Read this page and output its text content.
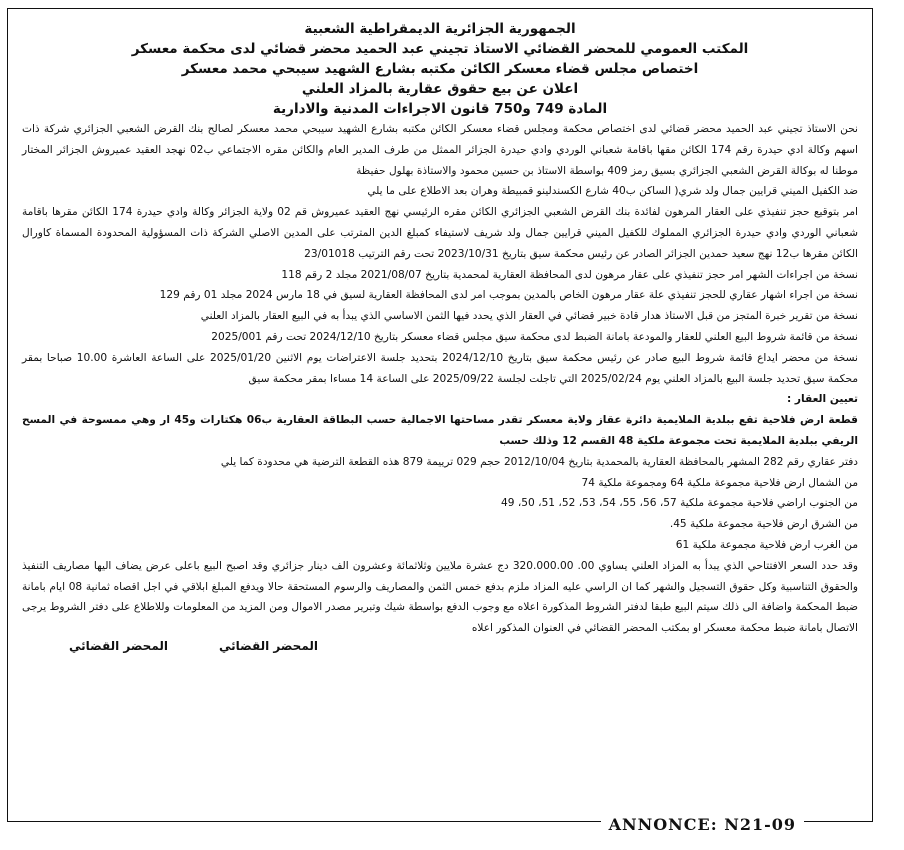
الجمهورية الجزائرية الديمقراطية الشعبية
المكتب العمومي للمحضر القضائي الاستاذ تجيني عبد الحميد محضر قضائي لدى محكمة معسكر
اختصاص مجلس قضاء معسكر الكائن مكتبه بشارع الشهيد سيبحي محمد معسكر
اعلان عن بيع حقوق عقارية بالمزاد العلني
المادة 749 و750 قانون الاجراءات المدنية والادارية

نحن الاستاذ تجيني عبد الحميد محضر قضائي لدى اختصاص محكمة ومجلس قضاء معسكر الكائن مكتبه بشارع الشهيد سيبحي محمد معسكر لصالح بنك القرض الشعبي الجزائري شركة ذات اسهم وكالة ادي حيدرة رقم 174 الكائن مقها باقامة شعباني الوردي وادي حيدرة الجزائر الممثل من طرف المدير العام والكائن مقره الاجتماعي ب02 نهجد العقيد عميروش الجزائر المختار موطنا له بوكالة القرض الشعبي الجزائري بسيق رمز 409 بواسطة الاستاذ بن حسين محمود والاستاذة بهلول حفيظة

ضد الكفيل الميني قرايين جمال ولد شري( الساكن ب40 شارع الكسندلينو قمبيطة وهران بعد الاطلاع على ما يلي

امر بتوقيع حجز تنفيذي على العقار المرهون لفائدة بنك القرض الشعبي الجزائري الكائن مقره الرئيسي نهج العقيد عميروش قم 02 ولاية الجزائر وكالة وادي حيدرة 174 الكائن مقرها باقامة شعباني الوردي وادي حيدرة الجزائري المملوك للكفيل الميني قرايين جمال ولد شريف لاستيفاء كمبلغ الدين المترتب على المدين الاصلي الشركة ذات المسؤولية المحدودة المسماة كاورال الكائن مقرها ب12 نهج سعيد حمدين الجزائر الصادر عن رئيس محكمة سيق بتاريخ 2023/10/31 تحت رقم الترتيب 23/01018

نسخة من اجراءات الشهر امر حجز تنفيذي على عقار مرهون لدى المحافظة العقارية لمحمدية بتاريخ 2021/08/07 مجلد 2 رقم 118

نسخة من اجراء اشهار عقاري للحجز تنفيذي علة عقار مرهون الخاص بالمدين بموجب امر لدى المحافظة العقارية لسيق في 18 مارس 2024 مجلد 01 رقم 129

نسخة من تقرير خبرة المتجز من قبل الاستاذ هدار قادة خبير قضائي في العقار الذي يحدد فيها الثمن الاساسي الذي يبدأ به في البيع العقار بالمزاد العلني

نسخة من قائمة شروط البيع العلني للعقار والمودعة بامانة الضبط لدى محكمة سيق مجلس قضاء معسكر بتاريخ 2024/12/10 تحت رقم 2025/001

نسخة من محضر ايداع قائمة شروط البيع صادر عن رئيس محكمة سيق بتاريخ 2024/12/10 بتحديد جلسة الاعتراضات يوم الاثنين 2025/01/20 على الساعة العاشرة 10.00 صباحا بمقر محكمة سيق تحديد جلسة البيع بالمزاد العلني يوم 2025/02/24 التي تاجلت لجلسة 2025/09/22 على الساعة 14 مساءا بمقر محكمة سيق

تعيين العقار :

قطعة ارض فلاحية تقع ببلدية الملايمية دائرة عقاز ولاية معسكر تقدر مساحتها الاجمالية حسب البطاقة العقارية ب06 هكتارات و45 ار وهي ممسوحة في المسح الريفي ببلدية الملايمية تحت مجموعة ملكية 48 القسم 12 وذلك حسب

دفتر عقاري رقم 282 المشهر بالمحافظة العقارية بالمحمدية بتاريخ 2012/10/04 حجم 029 ترييمة 879 هذه القطعة الترضية هي محدودة كما يلي

من الشمال ارض فلاحية مجموعة ملكية 64 ومجموعة ملكية 74

من الجنوب اراضي فلاحية مجموعة ملكية 57، 56، 55، 54، 53، 52، 51، 50، 49

من الشرق ارض فلاحية مجموعة ملكية 45.

من الغرب ارض فلاحية مجموعة ملكية 61

وقد حدد السعر الافتتاحي الذي يبدأ به المزاد العلني يساوي 00. 320.000.00 دج عشرة ملايين وثلاثمائة وعشرون الف دينار جزائري وقد اصبح البيع باعلى عرض يضاف اليها مصاريف التنفيذ والحقوق التناسبية وكل حقوق التسجيل والشهر كما ان الراسي عليه المزاد ملزم بدفع خمس الثمن والمصاريف والرسوم المستحقة حالا ويدفع المبلغ ابلاقي في اجل اقصاه ثمانية 08 ايام بامانة ضبط المحكمة واضافة الى ذلك سيتم البيع طبقا لدفتر الشروط المذكورة اعلاه مع وجوب الدفع بواسطة شيك وتبرير مصدر الاموال ومن المزيد من المعلومات وللاطلاع على دفتر الشروط يرجى الاتصال بامانة ضبط محكمة معسكر او بمكتب المحضر القضائي في العنوان المذكور اعلاه

المحضر القضائي
المحضر القضائي
ANNONCE: N21-09
